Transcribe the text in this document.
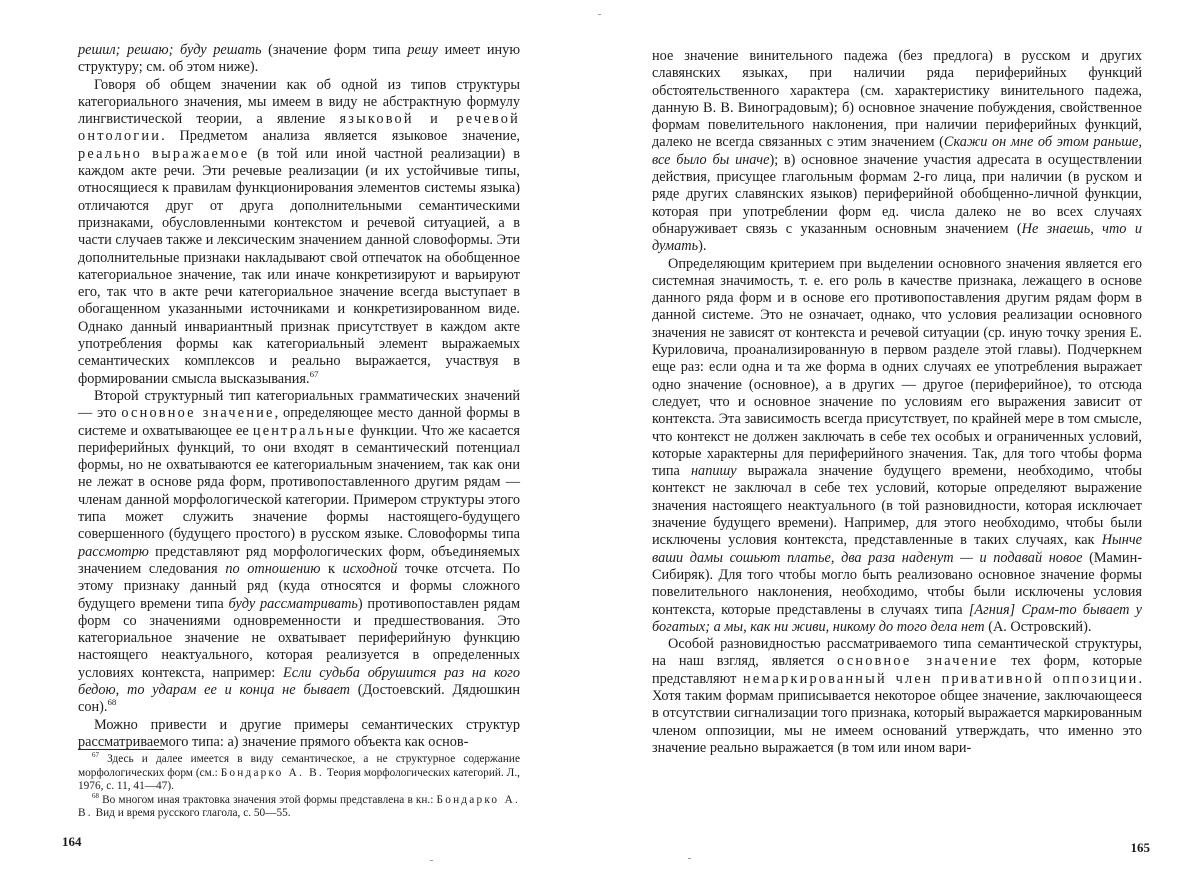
решил; решаю; буду решать (значение форм типа решу имеет иную структуру; см. об этом ниже).

Говоря об общем значении как об одной из типов структуры категориального значения, мы имеем в виду не абстрактную формулу лингвистической теории, а явление языковой и речевой онтологии. Предметом анализа является языковое значение, реально выражаемое (в той или иной частной реализации) в каждом акте речи. Эти речевые реализации (и их устойчивые типы, относящиеся к правилам функционирования элементов системы языка) отличаются друг от друга дополнительными семантическими признаками, обусловленными контекстом и речевой ситуацией, а в части случаев также и лексическим значением данной словоформы. Эти дополнительные признаки накладывают свой отпечаток на обобщенное категориальное значение, так или иначе конкретизируют и варьируют его, так что в акте речи категориальное значение всегда выступает в обогащенном указанными источниками и конкретизированном виде. Однако данный инвариантный признак присутствует в каждом акте употребления формы как категориальный элемент выражаемых семантических комплексов и реально выражается, участвуя в формировании смысла высказывания.$^{67}$

Второй структурный тип категориальных грамматических значений — это основное значение, определяющее место данной формы в системе и охватывающее ее центральные функции. Что же касается периферийных функций, то они входят в семантический потенциал формы, но не охватываются ее категориальным значением, так как они не лежат в основе ряда форм, противопоставленного другим рядам — членам данной морфологической категории. Примером структуры этого типа может служить значение формы настоящего-будущего совершенного (будущего простого) в русском языке. Словоформы типа рассмотрю представляют ряд морфологических форм, объединяемых значением следования по отношению к исходной точке отсчета. По этому признаку данный ряд (куда относятся и формы сложного будущего времени типа буду рассматривать) противопоставлен рядам форм со значениями одновременности и предшествования. Это категориальное значение не охватывает периферийную функцию настоящего неактуального, которая реализуется в определенных условиях контекста, например: Если судьба обрушится раз на кого бедою, то ударам ее и конца не бывает (Достоевский. Дядюшкин сон).$^{68}$

Можно привести и другие примеры семантических структур рассматриваемого типа: а) значение прямого объекта как основ-

$^{67}$ Здесь и далее имеется в виду семантическое, а не структурное содержание морфологических форм (см.: Бондарко А. В. Теория морфологических категорий. Л., 1976, с. 11, 41—47).

$^{68}$ Во многом иная трактовка значения этой формы представлена в кн.: Бондарко А. В. Вид и время русского глагола, с. 50—55.

164

ное значение винительного падежа (без предлога) в русском и других славянских языках, при наличии ряда периферийных функций обстоятельственного характера (см. характеристику винительного падежа, данную В. В. Виноградовым); б) основное значение побуждения, свойственное формам повелительного наклонения, при наличии периферийных функций, далеко не всегда связанных с этим значением (Скажи он мне об этом раньше, все было бы иначе); в) основное значение участия адресата в осуществлении действия, присущее глагольным формам 2-го лица, при наличии (в руском и ряде других славянских языков) периферийной обобщенно-личной функции, которая при употреблении форм ед. числа далеко не во всех случаях обнаруживает связь с указанным основным значением (Не знаешь, что и думать).

Определяющим критерием при выделении основного значения является его системная значимость, т. е. его роль в качестве признака, лежащего в основе данного ряда форм и в основе его противопоставления другим рядам форм в данной системе. Это не означает, однако, что условия реализации основного значения не зависят от контекста и речевой ситуации (ср. иную точку зрения Е. Куриловича, проанализированную в первом разделе этой главы). Подчеркнем еще раз: если одна и та же форма в одних случаях ее употребления выражает одно значение (основное), а в других — другое (периферийное), то отсюда следует, что и основное значение по условиям его выражения зависит от контекста. Эта зависимость всегда присутствует, по крайней мере в том смысле, что контекст не должен заключать в себе тех особых и ограниченных условий, которые характерны для периферийного значения. Так, для того чтобы форма типа напишу выражала значение будущего времени, необходимо, чтобы контекст не заключал в себе тех условий, которые определяют выражение значения настоящего неактуального (в той разновидности, которая исключает значение будущего времени). Например, для этого необходимо, чтобы были исключены условия контекста, представленные в таких случаях, как Нынче ваши дамы сошьют платье, два раза наденут — и подавай новое (Мамин-Сибиряк). Для того чтобы могло быть реализовано основное значение формы повелительного наклонения, необходимо, чтобы были исключены условия контекста, которые представлены в случаях типа [Агния] Срам-то бывает у богатых; а мы, как ни живи, никому до того дела нет (А. Островский).

Особой разновидностью рассматриваемого типа семантической структуры, на наш взгляд, является основное значение тех форм, которые представляют немаркированный член привативной оппозиции. Хотя таким формам приписывается некоторое общее значение, заключающееся в отсутствии сигнализации того признака, который выражается маркированным членом оппозиции, мы не имеем оснований утверждать, что именно это значение реально выражается (в том или ином вари-

165
